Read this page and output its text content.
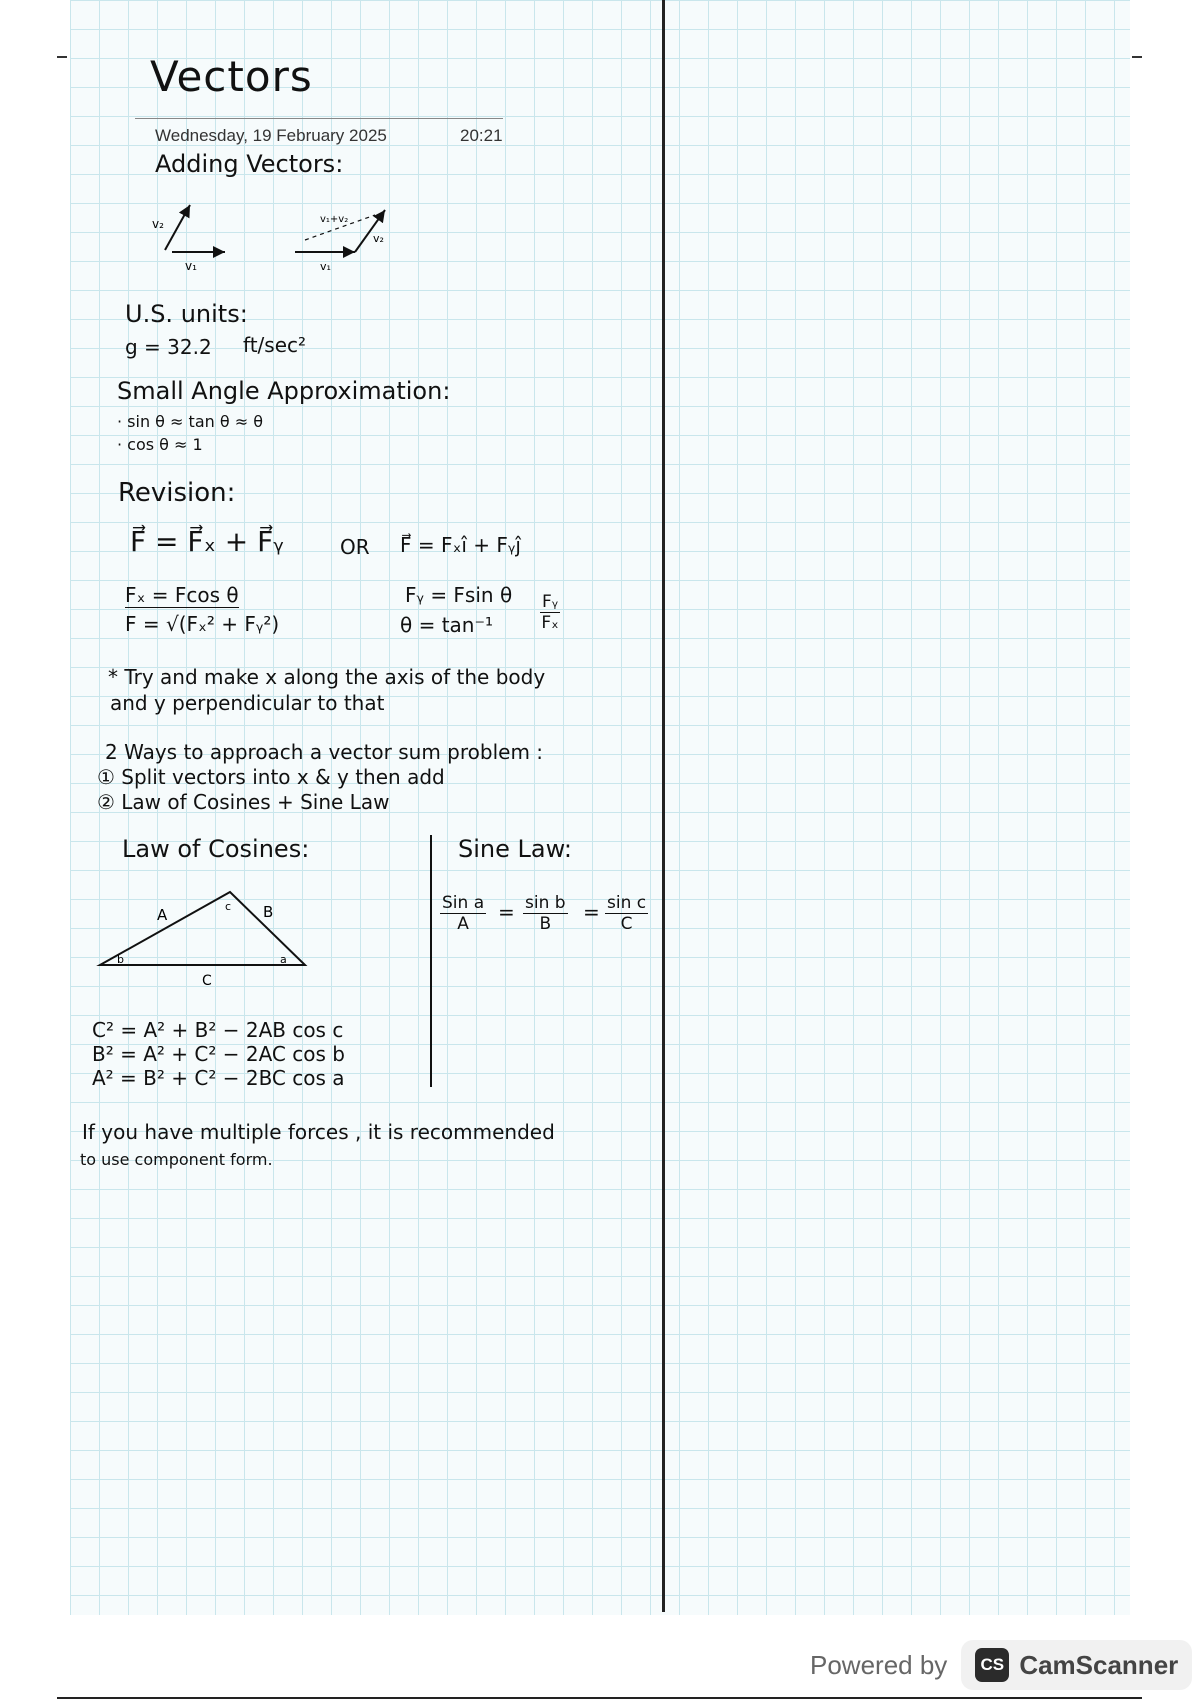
Vectors
Wednesday, 19 February 2025	20:21
Adding Vectors:
v₂
v₁	v₁
v₂
v₁+v₂
U.S. units:
g = 32.2 ft/sec²
Small Angle Approximation:
· sin θ ≈ tan θ ≈ θ
· cos θ ≈ 1
Revision:
F⃗ = F⃗ₓ + F⃗ᵧ	OR F⃗ = Fₓî + Fᵧĵ
Fₓ = Fcos θ
F = √(Fₓ² + Fᵧ²)
Fᵧ = Fsin θ
θ = tan⁻¹	$\frac{\text{Fᵧ}}{\text{Fₓ}}$
* Try and make x along the axis of the body
and y perpendicular to that
2 Ways to approach a vector sum problem :
① Split vectors into x & y then add
② Law of Cosines + Sine Law
Law of Cosines:
A	B
C
c
b	a
C² = A² + B² − 2AB cos c
B² = A² + C² − 2AC cos b
A² = B² + C² − 2BC cos a
Sine Law:
Sin a
$A = \frac{\text{sin b}}{B} = \frac{\text{sin c}}{C}$
If you have multiple forces , it is recommended
to use component form.
Powered by	CS CamScanner
